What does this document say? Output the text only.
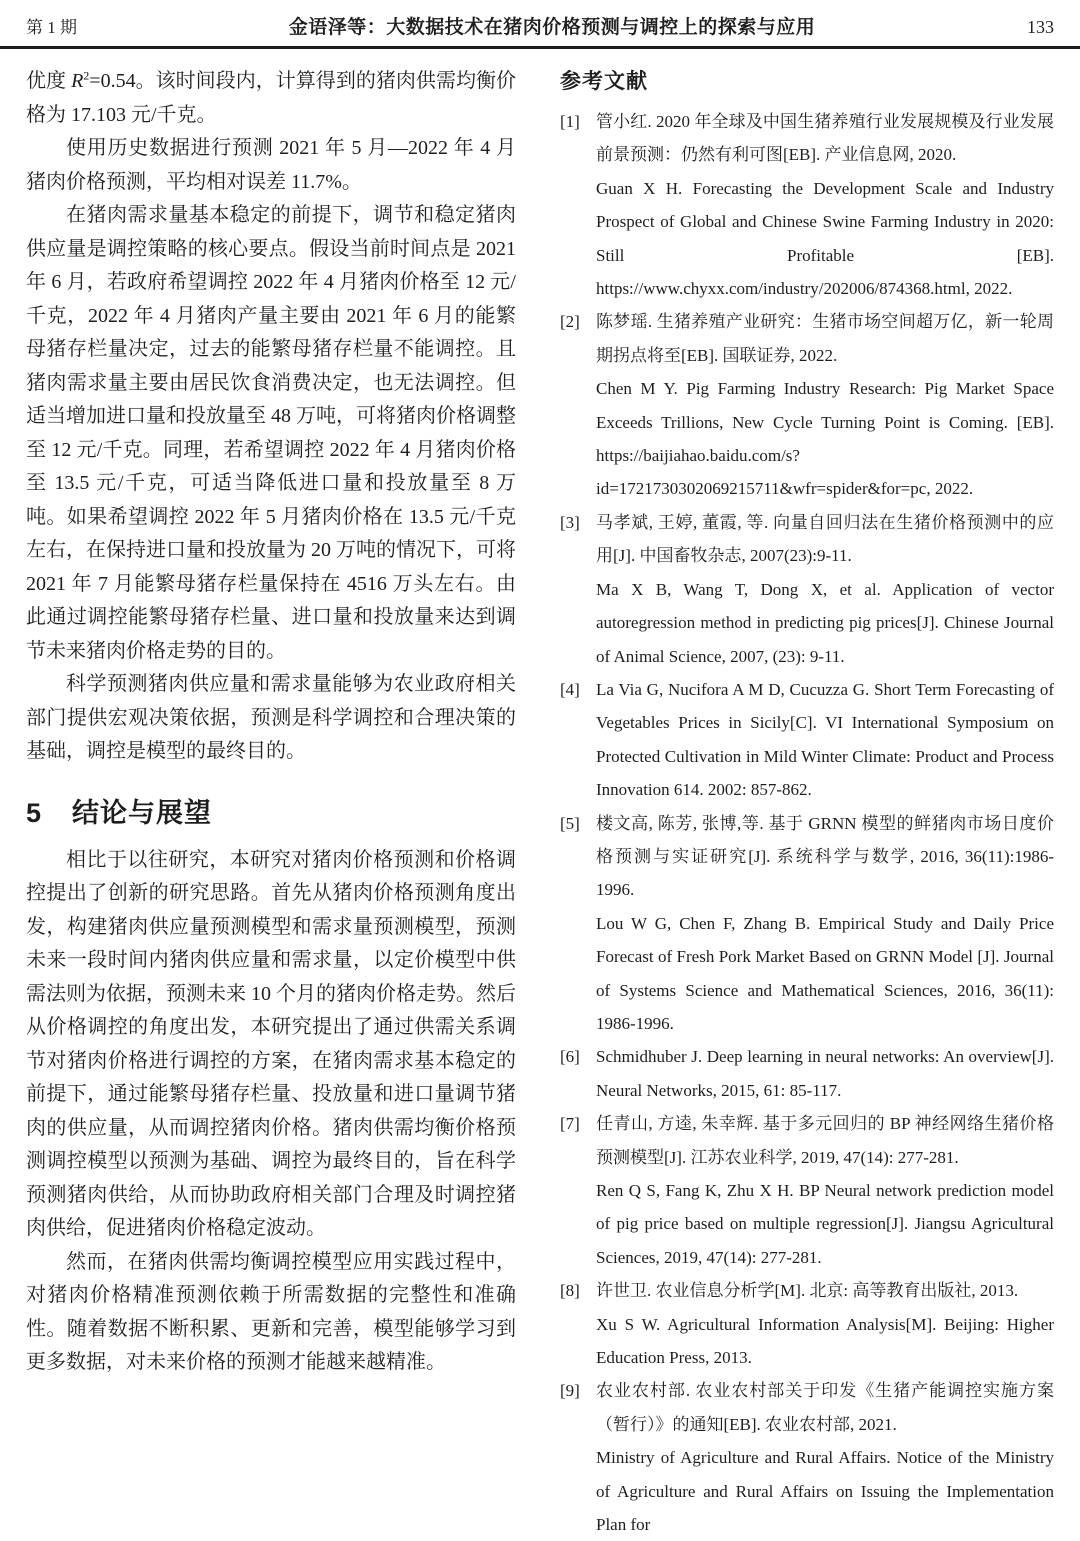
第 1 期	金语泽等：大数据技术在猪肉价格预测与调控上的探索与应用	133

优度 $R^2=0.54$。该时间段内，计算得到的猪肉供需均衡价格为 17.103 元/千克。

使用历史数据进行预测 2021 年 5 月—2022 年 4 月猪肉价格预测，平均相对误差 11.7%。

在猪肉需求量基本稳定的前提下，调节和稳定猪肉供应量是调控策略的核心要点。假设当前时间点是 2021 年 6 月，若政府希望调控 2022 年 4 月猪肉价格至 12 元/千克，2022 年 4 月猪肉产量主要由 2021 年 6 月的能繁母猪存栏量决定，过去的能繁母猪存栏量不能调控。且猪肉需求量主要由居民饮食消费决定，也无法调控。但适当增加进口量和投放量至 48 万吨，可将猪肉价格调整至 12 元/千克。同理，若希望调控 2022 年 4 月猪肉价格至 13.5 元/千克，可适当降低进口量和投放量至 8 万吨。如果希望调控 2022 年 5 月猪肉价格在 13.5 元/千克左右，在保持进口量和投放量为 20 万吨的情况下，可将 2021 年 7 月能繁母猪存栏量保持在 4516 万头左右。由此通过调控能繁母猪存栏量、进口量和投放量来达到调节未来猪肉价格走势的目的。

科学预测猪肉供应量和需求量能够为农业政府相关部门提供宏观决策依据，预测是科学调控和合理决策的基础，调控是模型的最终目的。

5 结论与展望

相比于以往研究，本研究对猪肉价格预测和价格调控提出了创新的研究思路。首先从猪肉价格预测角度出发，构建猪肉供应量预测模型和需求量预测模型，预测未来一段时间内猪肉供应量和需求量，以定价模型中供需法则为依据，预测未来 10 个月的猪肉价格走势。然后从价格调控的角度出发，本研究提出了通过供需关系调节对猪肉价格进行调控的方案，在猪肉需求基本稳定的前提下，通过能繁母猪存栏量、投放量和进口量调节猪肉的供应量，从而调控猪肉价格。猪肉供需均衡价格预测调控模型以预测为基础、调控为最终目的，旨在科学预测猪肉供给，从而协助政府相关部门合理及时调控猪肉供给，促进猪肉价格稳定波动。

然而，在猪肉供需均衡调控模型应用实践过程中，对猪肉价格精准预测依赖于所需数据的完整性和准确性。随着数据不断积累、更新和完善，模型能够学习到更多数据，对未来价格的预测才能越来越精准。

参考文献

[1] 管小红. 2020 年全球及中国生猪养殖行业发展规模及行业发展前景预测：仍然有利可图[EB]. 产业信息网, 2020.

Guan X H. Forecasting the Development Scale and Industry Prospect of Global and Chinese Swine Farming Industry in 2020: Still Profitable [EB]. https://www.chyxx.com/industry/202006/874368.html, 2022.

[2] 陈梦瑶. 生猪养殖产业研究：生猪市场空间超万亿，新一轮周期拐点将至[EB]. 国联证券, 2022.

Chen M Y. Pig Farming Industry Research: Pig Market Space Exceeds Trillions, New Cycle Turning Point is Coming. [EB]. https://baijiahao.baidu.com/s?id=1721730302069215711&wfr=spider&for=pc, 2022.

[3] 马孝斌, 王婷, 董霞, 等. 向量自回归法在生猪价格预测中的应用[J]. 中国畜牧杂志, 2007(23):9-11.

Ma X B, Wang T, Dong X, et al. Application of vector autoregression method in predicting pig prices[J]. Chinese Journal of Animal Science, 2007, (23): 9-11.

[4] La Via G, Nucifora A M D, Cucuzza G. Short Term Forecasting of Vegetables Prices in Sicily[C]. VI International Symposium on Protected Cultivation in Mild Winter Climate: Product and Process Innovation 614. 2002: 857-862.

[5] 楼文高, 陈芳, 张博,等. 基于 GRNN 模型的鲜猪肉市场日度价格预测与实证研究[J]. 系统科学与数学, 2016, 36(11):1986-1996.

Lou W G, Chen F, Zhang B. Empirical Study and Daily Price Forecast of Fresh Pork Market Based on GRNN Model [J]. Journal of Systems Science and Mathematical Sciences, 2016, 36(11): 1986-1996.

[6] Schmidhuber J. Deep learning in neural networks: An overview[J]. Neural Networks, 2015, 61: 85-117.

[7] 任青山, 方逵, 朱幸辉. 基于多元回归的 BP 神经网络生猪价格预测模型[J]. 江苏农业科学, 2019, 47(14): 277-281.

Ren Q S, Fang K, Zhu X H. BP Neural network prediction model of pig price based on multiple regression[J]. Jiangsu Agricultural Sciences, 2019, 47(14): 277-281.

[8] 许世卫. 农业信息分析学[M]. 北京: 高等教育出版社, 2013.

Xu S W. Agricultural Information Analysis[M]. Beijing: Higher Education Press, 2013.

[9] 农业农村部. 农业农村部关于印发《生猪产能调控实施方案（暂行）》的通知[EB]. 农业农村部, 2021.

Ministry of Agriculture and Rural Affairs. Notice of the Ministry of Agriculture and Rural Affairs on Issuing the Implementation Plan for
